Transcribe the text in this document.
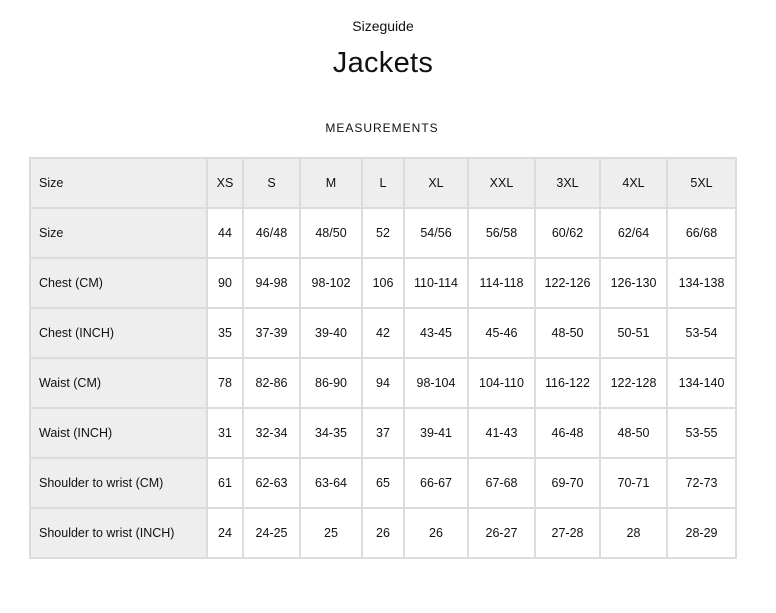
Sizeguide
Jackets
MEASUREMENTS
Size	XS	S	M	L	XL	XXL	3XL	4XL	5XL
Size	44	46/48	48/50	52	54/56	56/58	60/62	62/64	66/68
Chest (CM)	90	94-98	98-102	106	110-114	114-118	122-126	126-130	134-138
Chest (INCH)	35	37-39	39-40	42	43-45	45-46	48-50	50-51	53-54
Waist (CM)	78	82-86	86-90	94	98-104	104-110	116-122	122-128	134-140
Waist (INCH)	31	32-34	34-35	37	39-41	41-43	46-48	48-50	53-55
Shoulder to wrist (CM)	61	62-63	63-64	65	66-67	67-68	69-70	70-71	72-73
Shoulder to wrist (INCH)	24	24-25	25	26	26	26-27	27-28	28	28-29
